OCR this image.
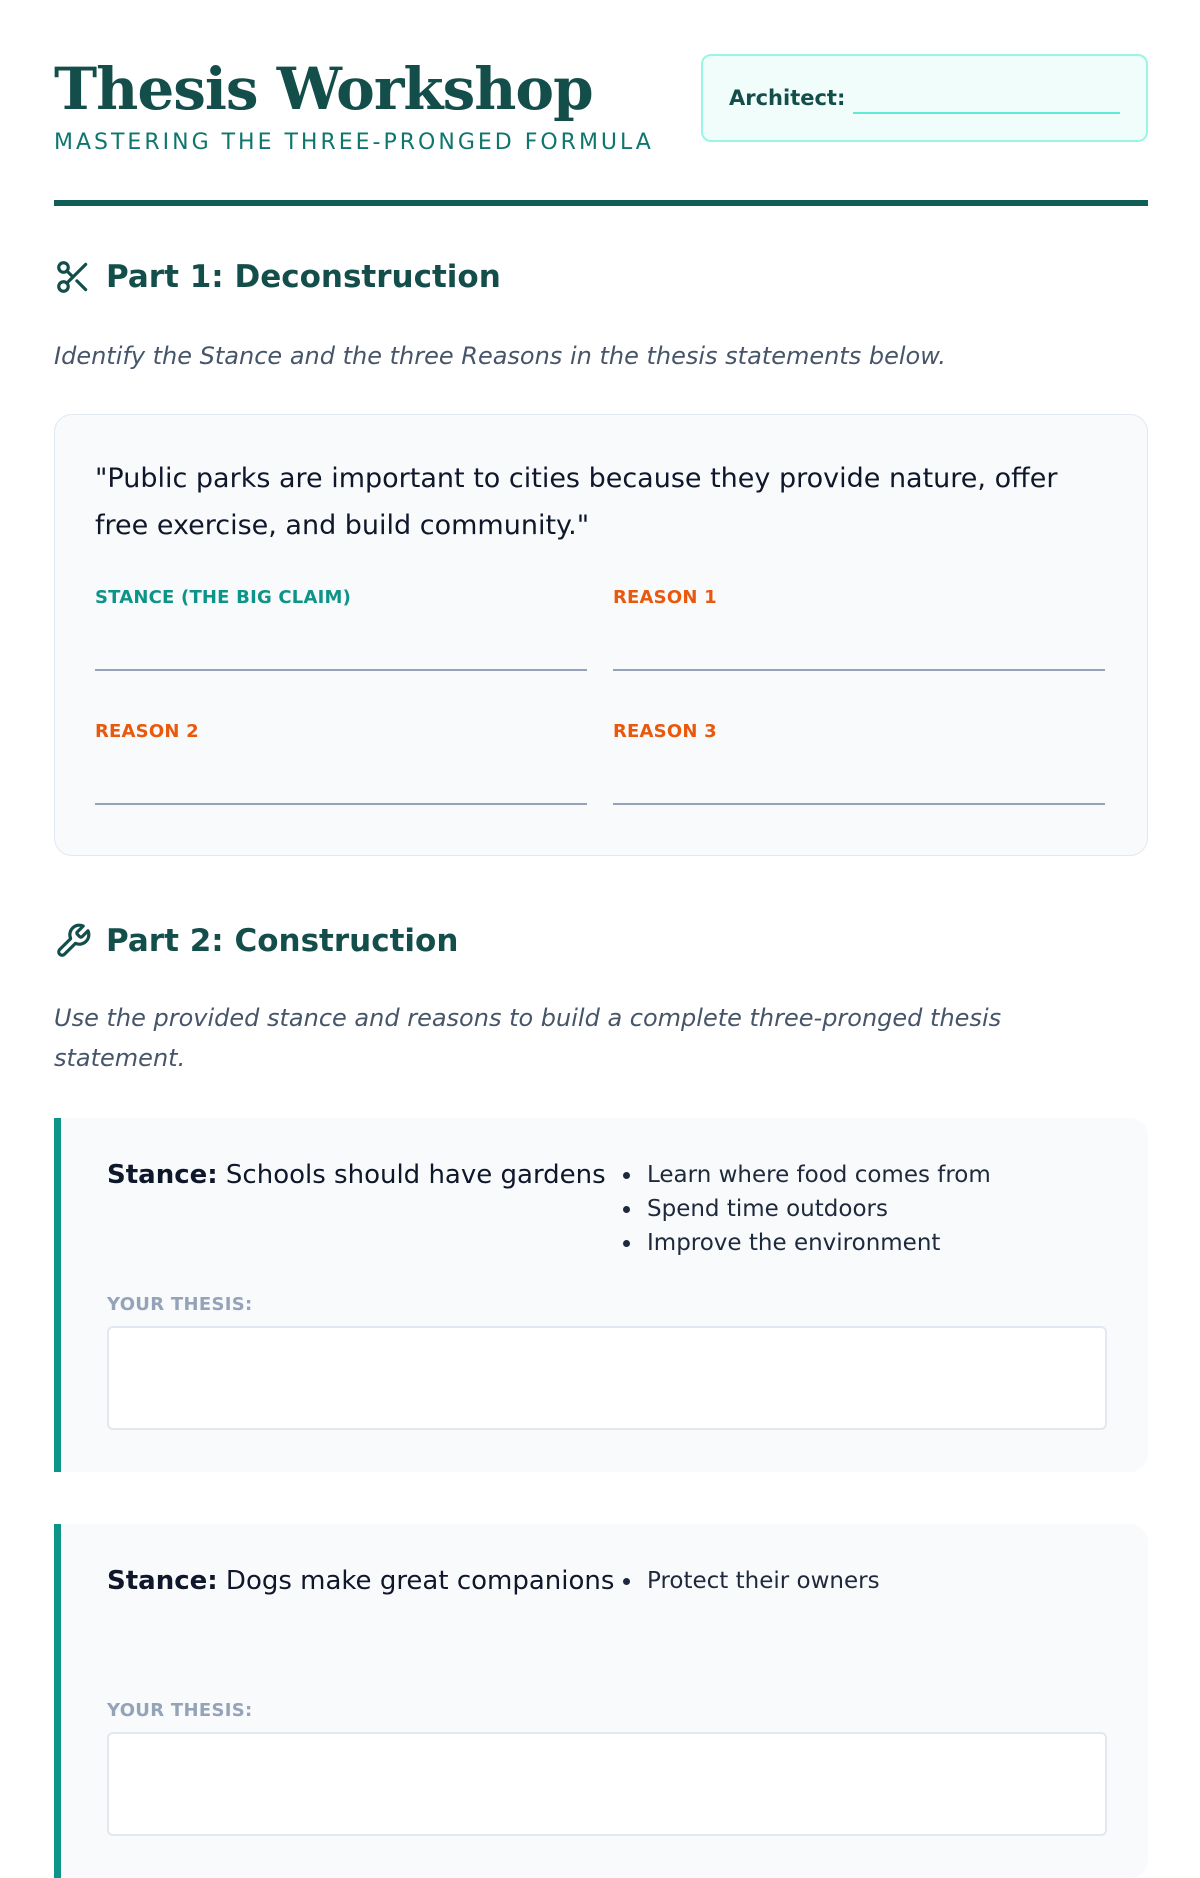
Thesis Workshop
MASTERING THE THREE-PRONGED FORMULA
Architect:
Part 1: Deconstruction
Identify the Stance and the three Reasons in the thesis statements below.
"Public parks are important to cities because they provide nature, offer free exercise, and build community."
STANCE (THE BIG CLAIM)	REASON 1
REASON 2	REASON 3
Part 2: Construction
Use the provided stance and reasons to build a complete three-pronged thesis statement.
Stance: Schools should have gardens	Learn where food comes from
Spend time outdoors
Improve the environment
YOUR THESIS:
Stance: Dogs make great companions	Protect their owners
YOUR THESIS:
